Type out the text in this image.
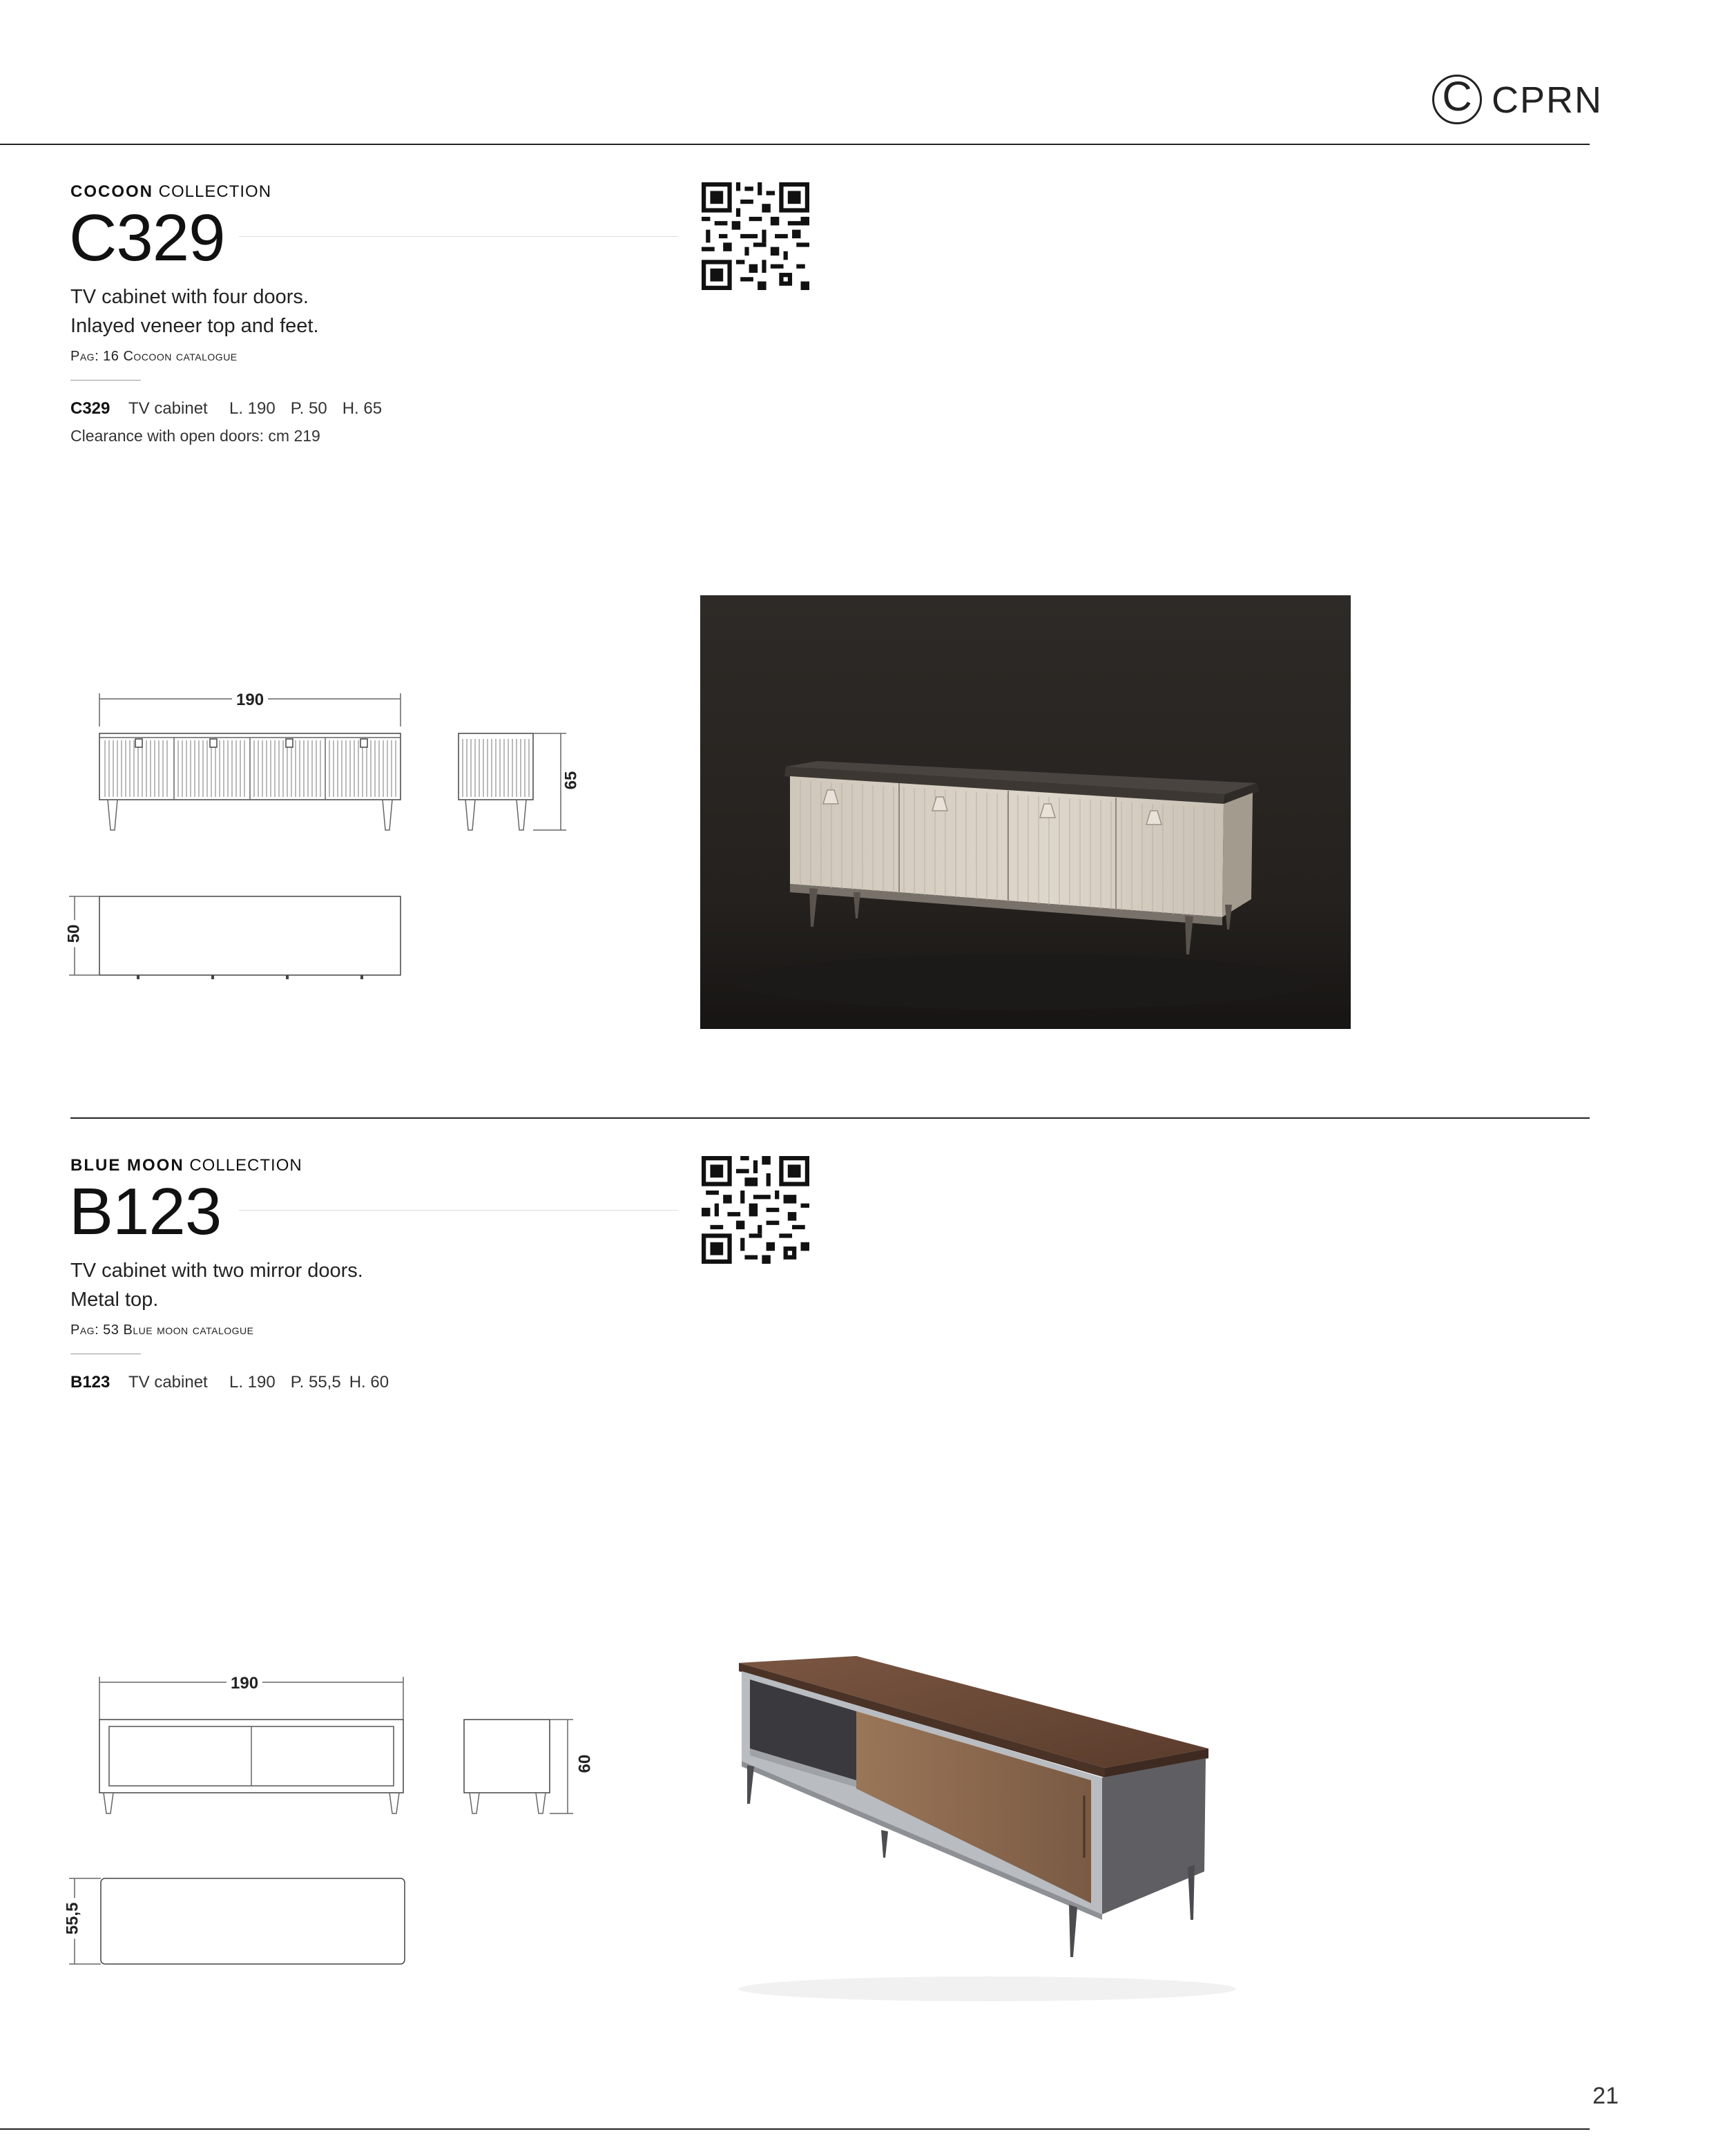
C CPRN
COCOON COLLECTION
C329
TV cabinet with four doors.
Inlayed veneer top and feet.
Pag: 16 Cocoon catalogue
C329 TV cabinet L. 190 P. 50 H. 65
Clearance with open doors: cm 219
190
65
50
BLUE MOON COLLECTION
B123
TV cabinet with two mirror doors.
Metal top.
Pag: 53 Blue moon catalogue
B123 TV cabinet L. 190 P. 55,5 H. 60
190
60
55,5
21
